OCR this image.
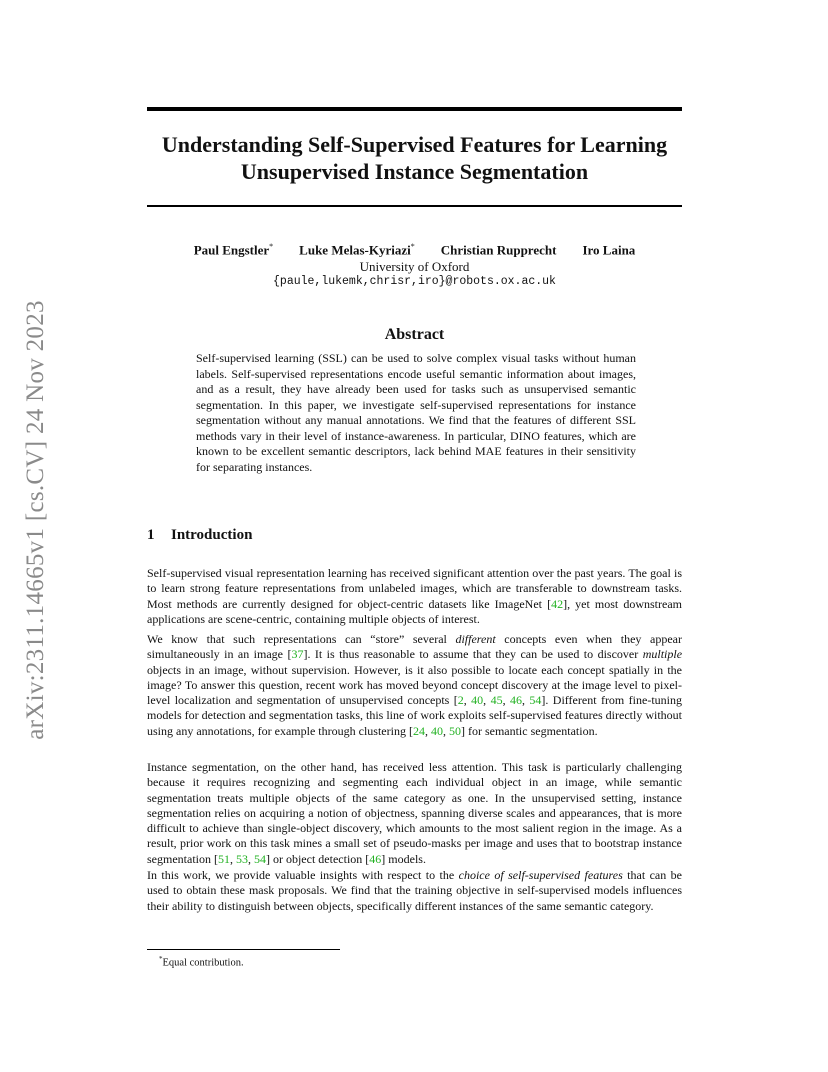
Understanding Self-Supervised Features for Learning
Unsupervised Instance Segmentation
arXiv:2311.14665v1 [cs.CV] 24 Nov 2023
Paul Engstler* Luke Melas-Kyriazi* Christian Rupprecht Iro Laina
University of Oxford
{paule,lukemk,chrisr,iro}@robots.ox.ac.uk
Abstract

Self-supervised learning (SSL) can be used to solve complex visual tasks without human labels. Self-supervised representations encode useful semantic information about images, and as a result, they have already been used for tasks such as unsupervised semantic segmentation. In this paper, we investigate self-supervised representations for instance segmentation without any manual annotations. We find that the features of different SSL methods vary in their level of instance-awareness. In particular, DINO features, which are known to be excellent semantic descriptors, lack behind MAE features in their sensitivity for separating instances.

1 Introduction

Self-supervised visual representation learning has received significant attention over the past years. The goal is to learn strong feature representations from unlabeled images, which are transferable to downstream tasks. Most methods are currently designed for object-centric datasets like ImageNet [42], yet most downstream applications are scene-centric, containing multiple objects of interest.

We know that such representations can “store” several different concepts even when they appear simultaneously in an image [37]. It is thus reasonable to assume that they can be used to discover multiple objects in an image, without supervision. However, is it also possible to locate each concept spatially in the image? To answer this question, recent work has moved beyond concept discovery at the image level to pixel-level localization and segmentation of unsupervised concepts [2, 40, 45, 46, 54]. Different from fine-tuning models for detection and segmentation tasks, this line of work exploits self-supervised features directly without using any annotations, for example through clustering [24, 40, 50] for semantic segmentation.

Instance segmentation, on the other hand, has received less attention. This task is particularly challenging because it requires recognizing and segmenting each individual object in an image, while semantic segmentation treats multiple objects of the same category as one. In the unsupervised setting, instance segmentation relies on acquiring a notion of objectness, spanning diverse scales and appearances, that is more difficult to achieve than single-object discovery, which amounts to the most salient region in the image. As a result, prior work on this task mines a small set of pseudo-masks per image and uses that to bootstrap instance segmentation [51, 53, 54] or object detection [46] models.

In this work, we provide valuable insights with respect to the choice of self-supervised features that can be used to obtain these mask proposals. We find that the training objective in self-supervised models influences their ability to distinguish between objects, specifically different instances of the same semantic category.

*Equal contribution.
